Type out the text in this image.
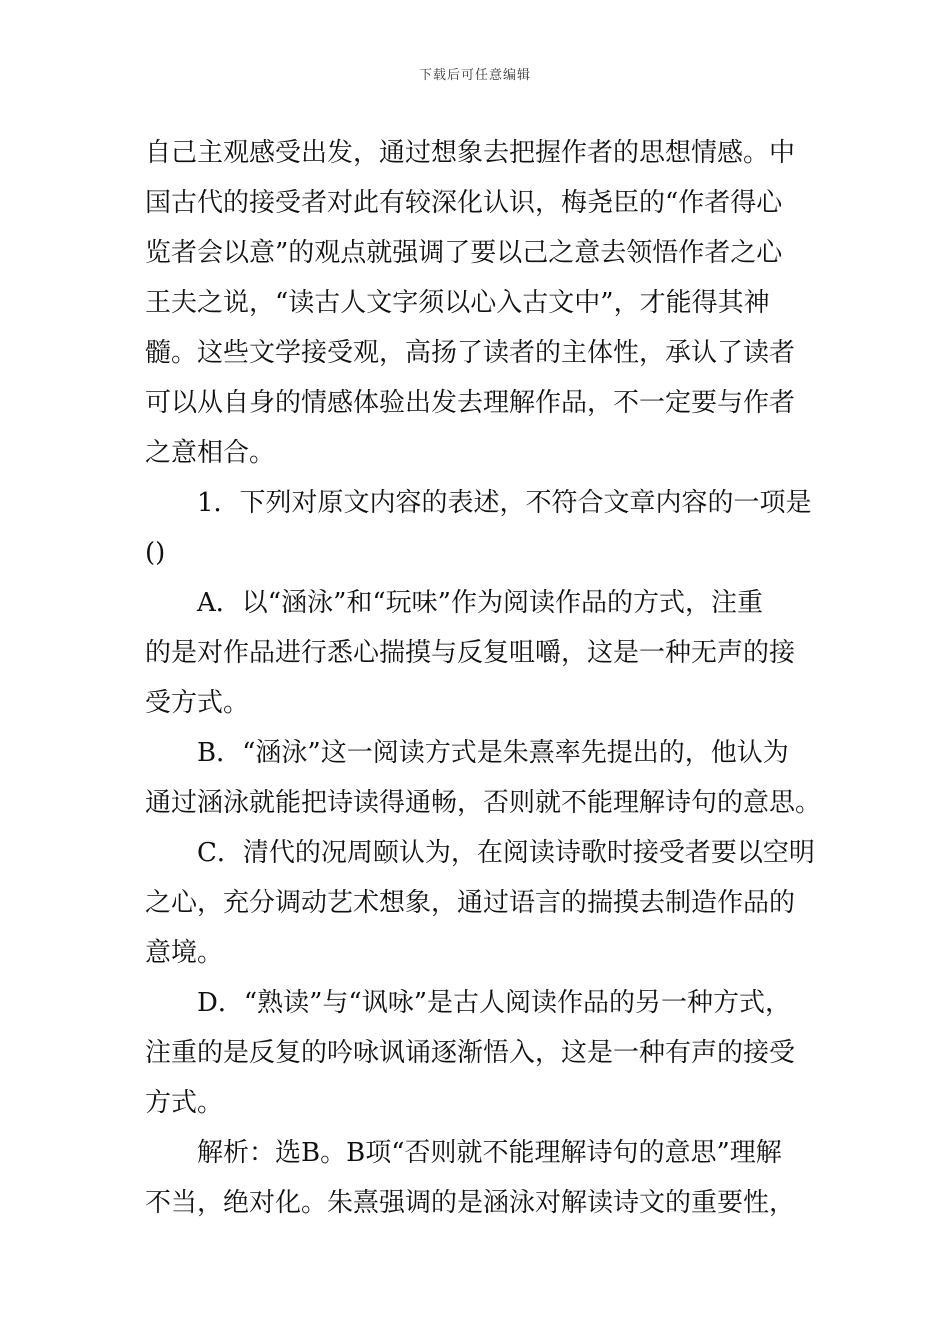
下载后可任意编辑
自己主观感受出发，通过想象去把握作者的思想情感。中
国古代的接受者对此有较深化认识，梅尧臣的“作者得心
览者会以意”的观点就强调了要以己之意去领悟作者之心
王夫之说，“读古人文字须以心入古文中”，才能得其神
髓。这些文学接受观，高扬了读者的主体性，承认了读者
可以从自身的情感体验出发去理解作品，不一定要与作者
之意相合。
1．下列对原文内容的表述，不符合文章内容的一项是
()
A．以“涵泳”和“玩味”作为阅读作品的方式，注重
的是对作品进行悉心揣摸与反复咀嚼，这是一种无声的接
受方式。
B．“涵泳”这一阅读方式是朱熹率先提出的，他认为
通过涵泳就能把诗读得通畅，否则就不能理解诗句的意思。
C．清代的况周颐认为，在阅读诗歌时接受者要以空明
之心，充分调动艺术想象，通过语言的揣摸去制造作品的
意境。
D．“熟读”与“讽咏”是古人阅读作品的另一种方式，
注重的是反复的吟咏讽诵逐渐悟入，这是一种有声的接受
方式。
解析：选B。B项“否则就不能理解诗句的意思”理解
不当，绝对化。朱熹强调的是涵泳对解读诗文的重要性，
